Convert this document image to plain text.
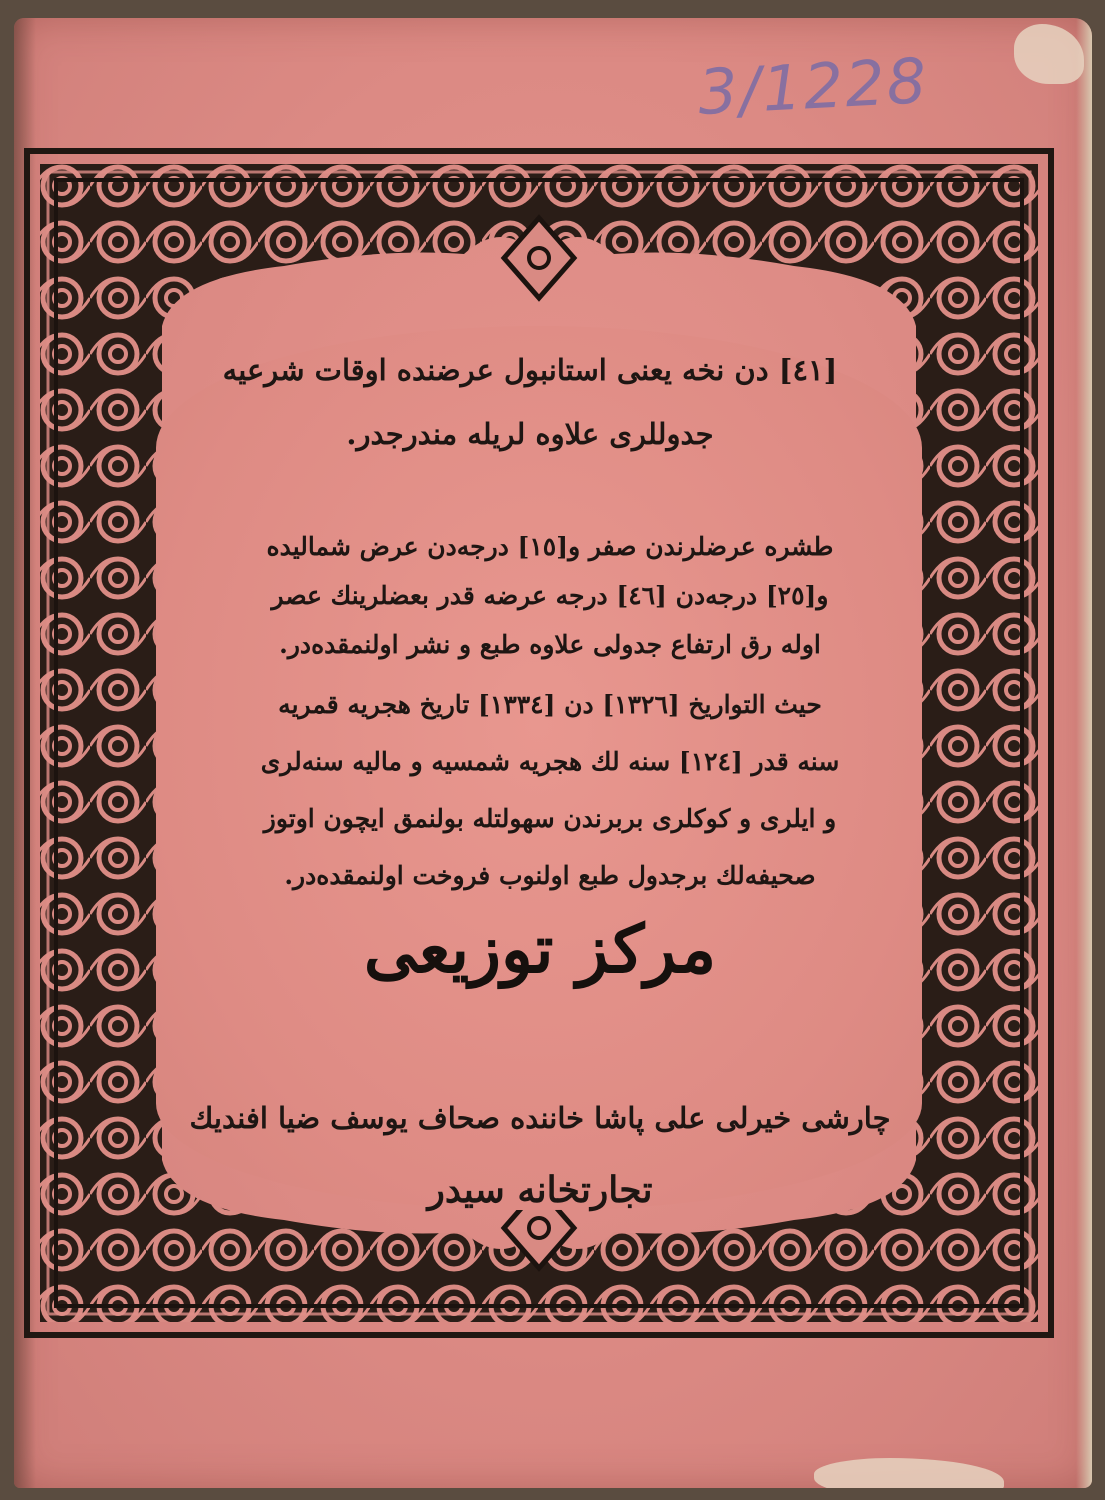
3/1228
[٤١] دن نخه يعنى استانبول عرضنده اوقات شرعيه
جدوللرى علاوه لريله مندرجدر.
طشره عرضلرندن صفر و[١٥] درجه‌دن عرض شماليده
و[٢٥] درجه‌دن [٤٦] درجه عرضه قدر بعضلرينك عصر
اوله رق ارتفاع جدولی علاوه طبع و نشر اولنمقده‌در.
حيث التواريخ [١٣٢٦] دن [١٣٣٤] تاريخ هجريه قمريه
سنه قدر [١٢٤] سنه لك هجريه شمسيه و ماليه سنه‌لرى
و ايلرى و كوكلرى بربرندن سهولتله بولنمق ايچون اوتوز
صحيفه‌لك برجدول طبع اولنوب فروخت اولنمقده‌در.
مركز توزيعى
چارشى خيرلى على پاشا خاننده صحاف يوسف ضيا افنديك
تجارتخانه سيدر
